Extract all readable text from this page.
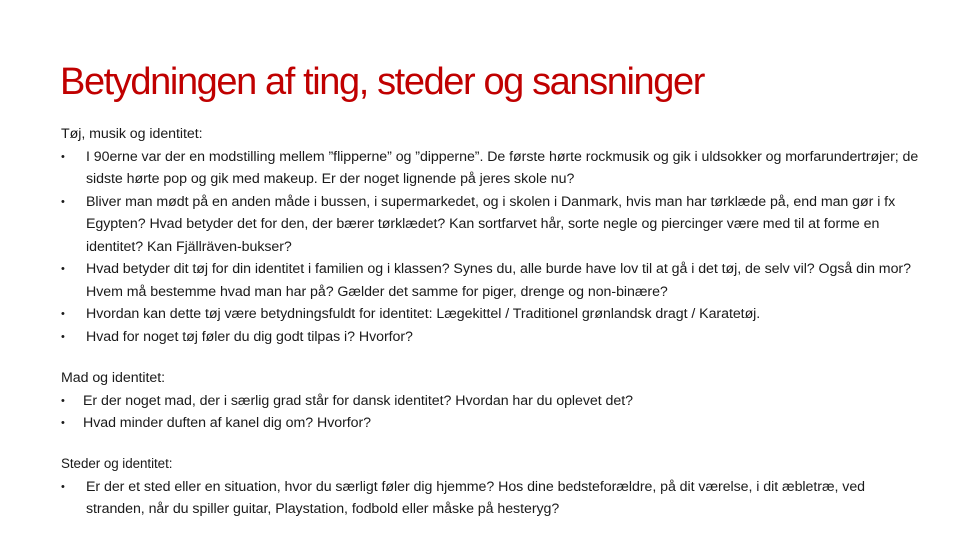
Betydningen af ting, steder og sansninger

Tøj, musik og identitet:

•	I 90erne var der en modstilling mellem ”flipperne” og ”dipperne”. De første hørte rockmusik og gik i uldsokker og morfarundertrøjer; de sidste hørte pop og gik med makeup. Er der noget lignende på jeres skole nu?
•	Bliver man mødt på en anden måde i bussen, i supermarkedet, og i skolen i Danmark, hvis man har tørklæde på, end man gør i fx Egypten? Hvad betyder det for den, der bærer tørklædet? Kan sortfarvet hår, sorte negle og piercinger være med til at forme en identitet? Kan Fjällräven-bukser?
•	Hvad betyder dit tøj for din identitet i familien og i klassen? Synes du, alle burde have lov til at gå i det tøj, de selv vil? Også din mor? Hvem må bestemme hvad man har på? Gælder det samme for piger, drenge og non-binære?
•	Hvordan kan dette tøj være betydningsfuldt for identitet: Lægekittel / Traditionel grønlandsk dragt / Karatetøj.
•	Hvad for noget tøj føler du dig godt tilpas i? Hvorfor?

Mad og identitet:

• Er der noget mad, der i særlig grad står for dansk identitet? Hvordan har du oplevet det?
• Hvad minder duften af kanel dig om? Hvorfor?

Steder og identitet:

•	Er der et sted eller en situation, hvor du særligt føler dig hjemme? Hos dine bedsteforældre, på dit værelse, i dit æbletræ, ved stranden, når du spiller guitar, Playstation, fodbold eller måske på hesteryg?
